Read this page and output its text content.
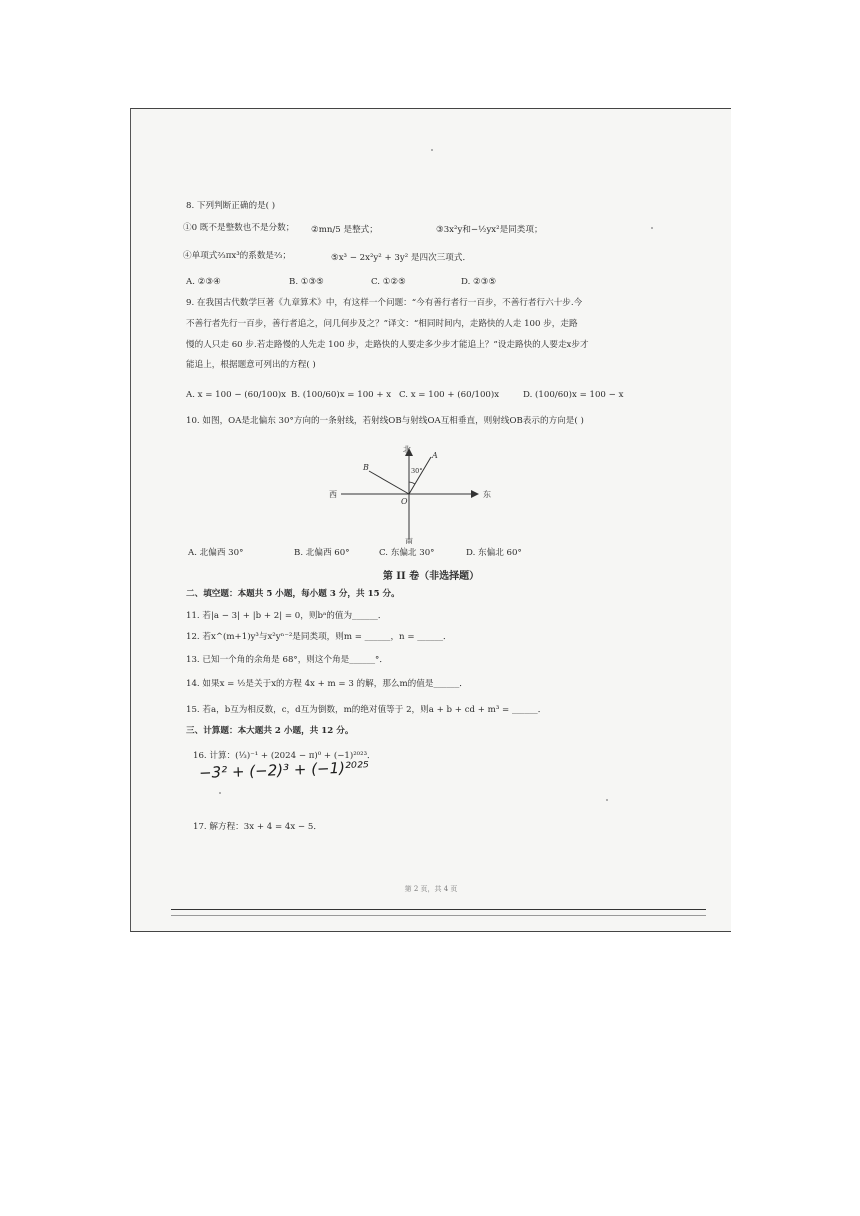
8. 下列判断正确的是( )
①0 既不是整数也不是分数； ②mn/5 是整式；	③3x²y和−½yx²是同类项；
④单项式⅔πx³的系数是⅔；	⑤x³ − 2x²y² + 3y² 是四次三项式．
A. ②③④	B. ①③⑤	C. ①②⑤	D. ②③⑤
9. 在我国古代数学巨著《九章算术》中，有这样一个问题：“今有善行者行一百步，不善行者行六十步.今
不善行者先行一百步，善行者追之，问几何步及之？”译文：“相同时间内，走路快的人走 100 步，走路
慢的人只走 60 步.若走路慢的人先走 100 步，走路快的人要走多少步才能追上？”设走路快的人要走x步才
能追上，根据题意可列出的方程( )
A. x = 100 − (60/100)x B. (100/60)x = 100 + x C. x = 100 + (60/100)x	D. (100/60)x = 100 − x
10. 如图，OA是北偏东 30°方向的一条射线，若射线OB与射线OA互相垂直，则射线OB表示的方向是( )
北
南
东
西
O
A
B	30°
A. 北偏西 30°	B. 北偏西 60°	C. 东偏北 30°	D. 东偏北 60°
第 II 卷（非选择题）
二、填空题：本题共 5 小题，每小题 3 分，共 15 分。
11. 若|a − 3| + |b + 2| = 0，则bᵃ的值为______．
12. 若x^(m+1)y³与x²yⁿ⁻²是同类项，则m = ______，n = ______．
13. 已知一个角的余角是 68°，则这个角是______°．
14. 如果x = ½是关于x的方程 4x + m = 3 的解，那么m的值是______．
15. 若a，b互为相反数，c，d互为倒数，m的绝对值等于 2，则a + b + cd + m³ = ______．
三、计算题：本大题共 2 小题，共 12 分。
16. 计算：(⅓)⁻¹ + (2024 − π)⁰ + (−1)²⁰²³．
−3² + (−2)³ + (−1)²⁰²⁵
17. 解方程：3x + 4 = 4x − 5．
第 2 页，共 4 页
